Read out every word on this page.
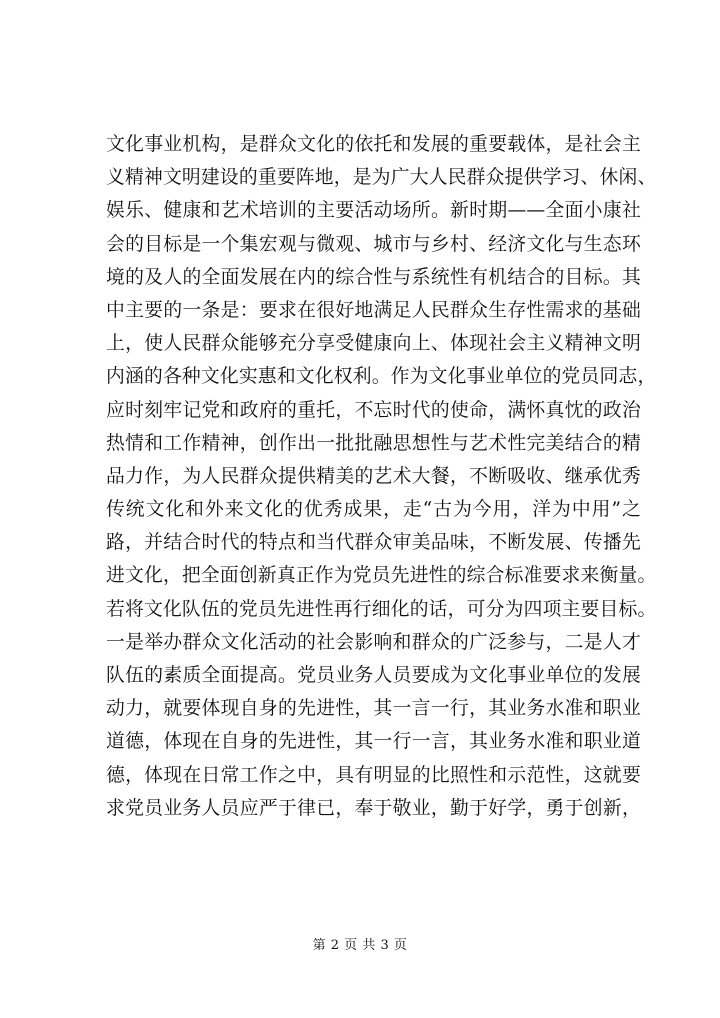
文化事业机构，是群众文化的依托和发展的重要载体，是社会主
义精神文明建设的重要阵地，是为广大人民群众提供学习、休闲、
娱乐、健康和艺术培训的主要活动场所。新时期——全面小康社
会的目标是一个集宏观与微观、城市与乡村、经济文化与生态环
境的及人的全面发展在内的综合性与系统性有机结合的目标。其
中主要的一条是：要求在很好地满足人民群众生存性需求的基础
上，使人民群众能够充分享受健康向上、体现社会主义精神文明
内涵的各种文化实惠和文化权利。作为文化事业单位的党员同志，
应时刻牢记党和政府的重托，不忘时代的使命，满怀真忱的政治
热情和工作精神，创作出一批批融思想性与艺术性完美结合的精
品力作，为人民群众提供精美的艺术大餐，不断吸收、继承优秀
传统文化和外来文化的优秀成果，走“古为今用，洋为中用”之
路，并结合时代的特点和当代群众审美品味，不断发展、传播先
进文化，把全面创新真正作为党员先进性的综合标准要求来衡量。
若将文化队伍的党员先进性再行细化的话，可分为四项主要目标。
一是举办群众文化活动的社会影响和群众的广泛参与，二是人才
队伍的素质全面提高。党员业务人员要成为文化事业单位的发展
动力，就要体现自身的先进性，其一言一行，其业务水准和职业
道德，体现在自身的先进性，其一行一言，其业务水准和职业道
德，体现在日常工作之中，具有明显的比照性和示范性，这就要
求党员业务人员应严于律已，奉于敬业，勤于好学，勇于创新，
第 2 页 共 3 页
